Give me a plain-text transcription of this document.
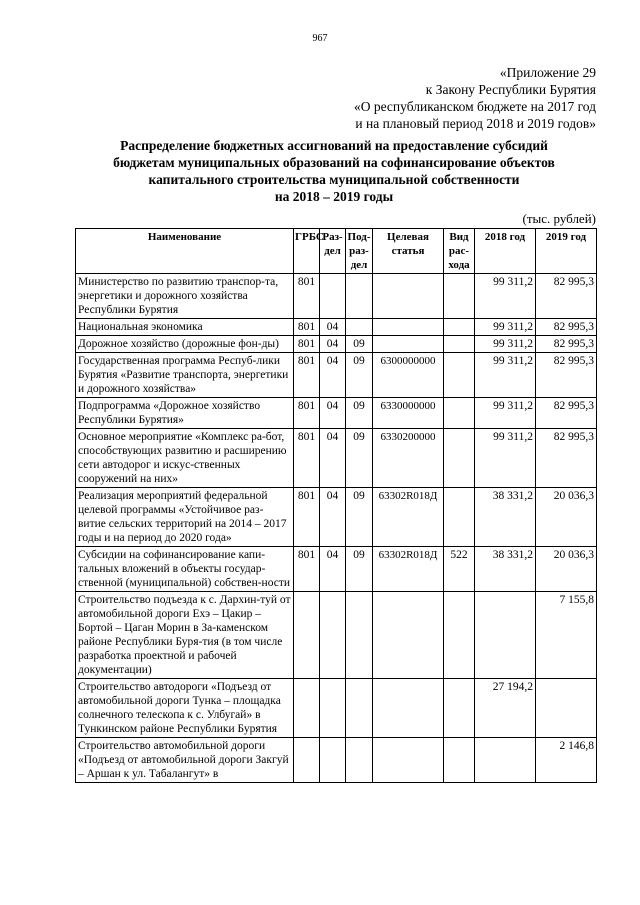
967
«Приложение 29
к Закону Республики Бурятия
«О республиканском бюджете на 2017 год
и на плановый период 2018 и 2019 годов»
Распределение бюджетных ассигнований на предоставление субсидий
бюджетам муниципальных образований на софинансирование объектов
капитального строительства муниципальной собственности
на 2018 – 2019 годы
(тыс. рублей)
Наименование	ГРБС	Раз-дел	Под-раз-дел	Целевая статья	Вид рас-хода	2018 год	2019 год
Министерство по развитию транспор-та, энергетики и дорожного хозяйства Республики Бурятия	801					99 311,2	82 995,3
Национальная экономика	801	04				99 311,2	82 995,3
Дорожное хозяйство (дорожные фон-ды)	801	04	09			99 311,2	82 995,3
Государственная программа Респуб-лики Бурятия «Развитие транспорта, энергетики и дорожного хозяйства»	801	04	09	6300000000		99 311,2	82 995,3
Подпрограмма «Дорожное хозяйство Республики Бурятия»	801	04	09	6330000000		99 311,2	82 995,3
Основное мероприятие «Комплекс ра-бот, способствующих развитию и расширению сети автодорог и искус-ственных сооружений на них»	801	04	09	6330200000		99 311,2	82 995,3
Реализация мероприятий федеральной целевой программы «Устойчивое раз-витие сельских территорий на 2014 – 2017 годы и на период до 2020 года»	801	04	09	63302R018Д		38 331,2	20 036,3
Субсидии на софинансирование капи-тальных вложений в объекты государ-ственной (муниципальной) собствен-ности	801	04	09	63302R018Д	522	38 331,2	20 036,3
Строительство подъезда к с. Дархин-туй от автомобильной дороги Ехэ – Цакир – Бортой – Цаган Морин в За-каменском районе Республики Буря-тия (в том числе разработка проектной и рабочей документации)							7 155,8
Строительство автодороги «Подъезд от автомобильной дороги Тунка – площадка солнечного телескопа к с. Улбугай» в Тункинском районе Республики Бурятия						27 194,2	
Строительство автомобильной дороги «Подъезд от автомобильной дороги Закгуй – Аршан к ул. Табалангут» в							2 146,8
